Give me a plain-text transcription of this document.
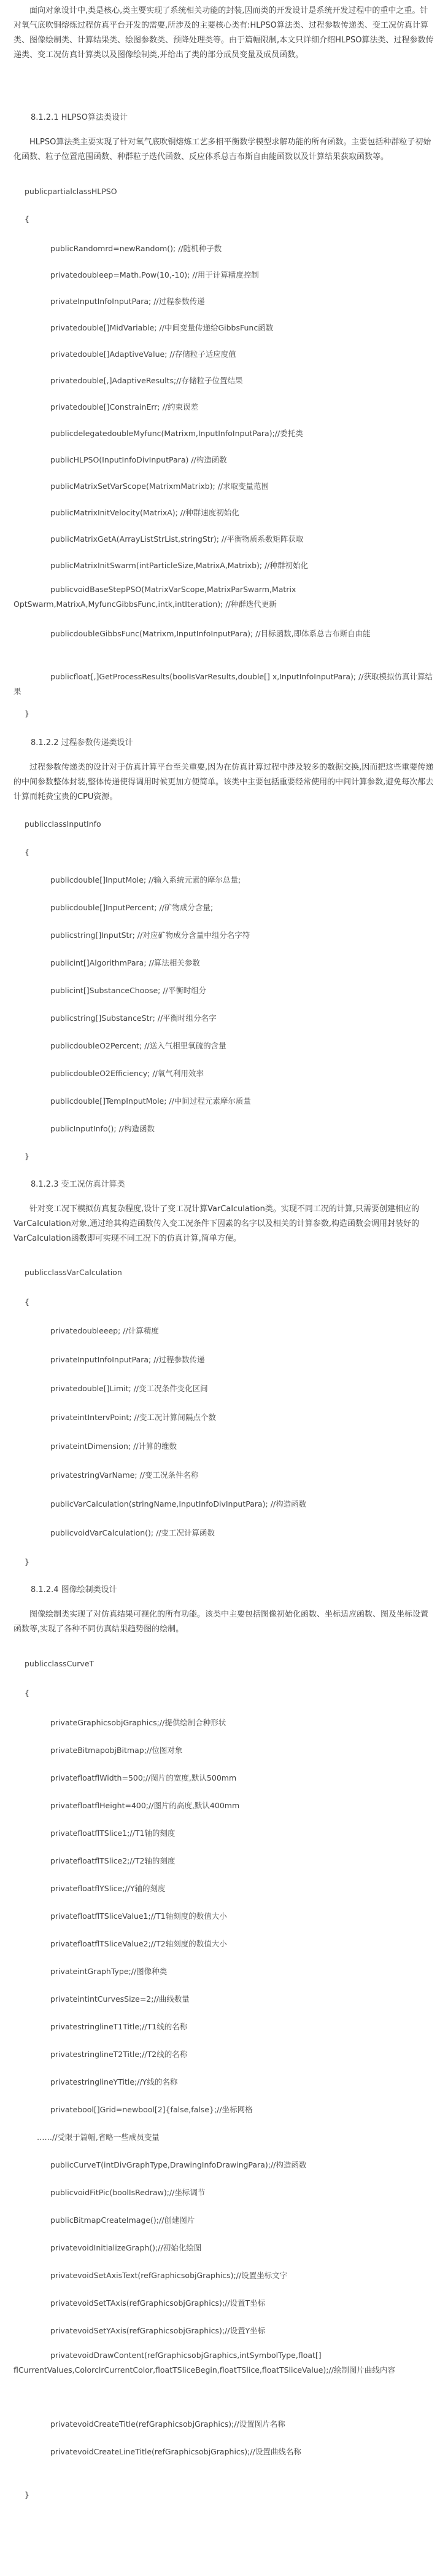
面向对象设计中,类是核心,类主要实现了系统相关功能的封装,因而类的开发设计是系统开发过程中的重中之重。针对氧气底吹铜熔炼过程仿真平台开发的需要,所涉及的主要核心类有:HLPSO算法类、过程参数传递类、变工况仿真计算类、图像绘制类、计算结果类、绘图参数类、预降处理类等。由于篇幅限制,本文只详细介绍HLPSO算法类、过程参数传递类、变工况仿真计算类以及图像绘制类,并给出了类的部分成员变量及成员函数。
8.1.2.1 HLPSO算法类设计
HLPSO算法类主要实现了针对氧气底吹铜熔炼工艺多相平衡数学模型求解功能的所有函数。主要包括种群粒子初始化函数、粒子位置范围函数、种群粒子迭代函数、反应体系总吉布斯自由能函数以及计算结果获取函数等。
publicpartialclassHLPSO
{
publicRandomrd=newRandom(); //随机种子数
privatedoubleep=Math.Pow(10,-10); //用于计算精度控制
privateInputInfoInputPara; //过程参数传递
privatedouble[]MidVariable; //中间变量传递给GibbsFunc函数
privatedouble[]AdaptiveValue; //存储粒子适应度值
privatedouble[,]AdaptiveResults;//存储粒子位置结果
privatedouble[]ConstrainErr; //约束误差
publicdelegatedoubleMyfunc(Matrixm,InputInfoInputPara);//委托类
publicHLPSO(InputInfoDivInputPara) //构造函数
publicMatrixSetVarScope(MatrixmMatrixb); //求取变量范围
publicMatrixInitVelocity(MatrixA); //种群速度初始化
publicMatrixGetA(ArrayListStrList,stringStr); //平衡物质系数矩阵获取
publicMatrixInitSwarm(intParticleSize,MatrixA,Matrixb); //种群初始化
publicvoidBaseStepPSO(MatrixVarScope,MatrixParSwarm,Matrix OptSwarm,MatrixA,MyfuncGibbsFunc,intk,intIteration); //种群迭代更新
publicdoubleGibbsFunc(Matrixm,InputInfoInputPara); //目标函数,即体系总吉布斯自由能
publicfloat[,]GetProcessResults(boolIsVarResults,double[] x,InputInfoInputPara); //获取模拟仿真计算结果
}
8.1.2.2 过程参数传递类设计
过程参数传递类的设计对于仿真计算平台至关重要,因为在仿真计算过程中涉及较多的数据交换,因而把这些重要传递的中间参数整体封装,整体传递使得调用时候更加方便简单。该类中主要包括重要经常使用的中间计算参数,避免每次都去计算而耗费宝贵的CPU资源。
publicclassInputInfo
{
publicdouble[]InputMole; //输入系统元素的摩尔总量;
publicdouble[]InputPercent; //矿物成分含量;
publicstring[]InputStr; //对应矿物成分含量中组分名字符
publicint[]AlgorithmPara; //算法相关参数
publicint[]SubstanceChoose; //平衡时组分
publicstring[]SubstanceStr; //平衡时组分名字
publicdoubleO2Percent; //送入气相里氧硫的含量
publicdoubleO2Efficiency; //氧气利用效率
publicdouble[]TempInputMole; //中间过程元素摩尔质量
publicInputInfo(); //构造函数
}
8.1.2.3 变工况仿真计算类
针对变工况下模拟仿真复杂程度,设计了变工况计算VarCalculation类。实现不同工况的计算,只需要创建相应的VarCalculation对象,通过给其构造函数传入变工况条件下因素的名字以及相关的计算参数,构造函数会调用封装好的VarCalculation函数即可实现不同工况下的仿真计算,简单方便。
publicclassVarCalculation
{
privatedoubleeep; //计算精度
privateInputInfoInputPara; //过程参数传递
privatedouble[]Limit; //变工况条件变化区间
privateintIntervPoint; //变工况计算间隔点个数
privateintDimension; //计算的维数
privatestringVarName; //变工况条件名称
publicVarCalculation(stringName,InputInfoDivInputPara); //构造函数
publicvoidVarCalculation(); //变工况计算函数
}
8.1.2.4 图像绘制类设计
图像绘制类实现了对仿真结果可视化的所有功能。该类中主要包括图像初始化函数、坐标适应函数、图及坐标设置函数等,实现了各种不同仿真结果趋势图的绘制。
publicclassCurveT
{
privateGraphicsobjGraphics;//提供绘制合种形状
privateBitmapobjBitmap;//位图对象
privatefloatflWidth=500;//图片的宽度,默认500mm
privatefloatflHeight=400;//图片的高度,默认400mm
privatefloatflTSlice1;//T1轴的刻度
privatefloatflTSlice2;//T2轴的刻度
privatefloatflYSlice;//Y轴的刻度
privatefloatflTSliceValue1;//T1轴刻度的数值大小
privatefloatflTSliceValue2;//T2轴刻度的数值大小
privateintGraphType;//图像种类
privateintintCurvesSize=2;//曲线数量
privatestringlineT1Title;//T1线的名称
privatestringlineT2Title;//T2线的名称
privatestringlineYTitle;//Y线的名称
privatebool[]Grid=newbool[2]{false,false};//坐标网格
……//受限于篇幅,省略一些成员变量
publicCurveT(intDivGraphType,DrawingInfoDrawingPara);//构造函数
publicvoidFitPic(boolIsRedraw);//坐标调节
publicBitmapCreateImage();//创建图片
privatevoidInitializeGraph();//初始化绘图
privatevoidSetAxisText(refGraphicsobjGraphics);//设置坐标文字
privatevoidSetTAxis(refGraphicsobjGraphics);//设置T坐标
privatevoidSetYAxis(refGraphicsobjGraphics);//设置Y坐标
privatevoidDrawContent(refGraphicsobjGraphics,intSymbolType,float[] flCurrentValues,ColorclrCurrentColor,floatTSliceBegin,floatTSlice,floatTSliceValue);//绘制图片曲线内容
privatevoidCreateTitle(refGraphicsobjGraphics);//设置图片名称
privatevoidCreateLineTitle(refGraphicsobjGraphics);//设置曲线名称
}
